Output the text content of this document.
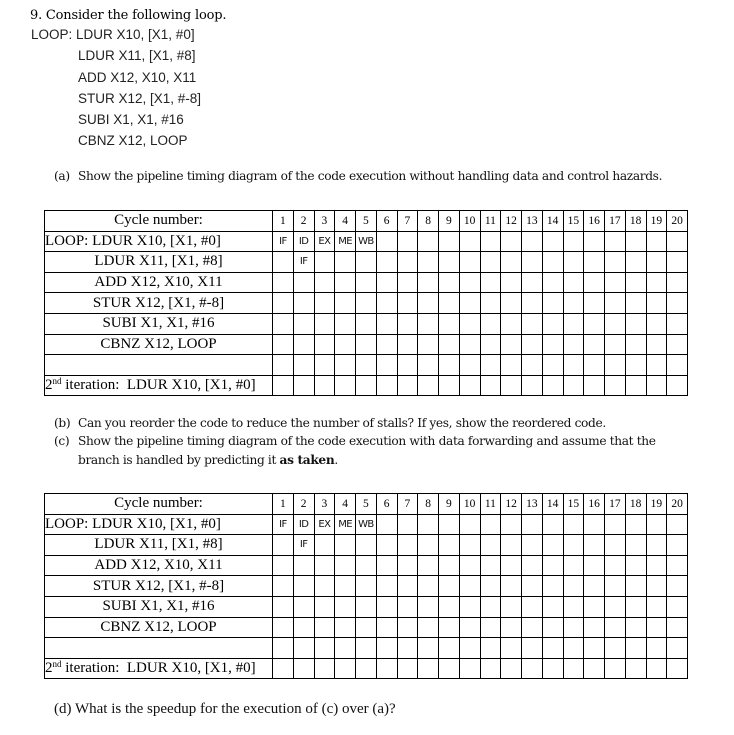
9. Consider the following loop.
LOOP: LDUR X10, [X1, #0]
LDUR X11, [X1, #8]
ADD X12, X10, X11
STUR X12, [X1, #-8]
SUBI X1, X1, #16
CBNZ X12, LOOP
(a) Show the pipeline timing diagram of the code execution without handling data and control hazards.
Cycle number:	1	2	3	4	5	6	7	8	9	10	11	12	13	14	15	16	17	18	19	20
LOOP: LDUR X10, [X1, #0]	IF	ID	EX	ME	WB															
LDUR X11, [X1, #8]		IF																		
ADD X12, X10, X11																				
STUR X12, [X1, #-8]																				
SUBI X1, X1, #16																				
CBNZ X12, LOOP																				

2nd iteration:  LDUR X10, [X1, #0]																				
(b) Can you reorder the code to reduce the number of stalls? If yes, show the reordered code.
(c) Show the pipeline timing diagram of the code execution with data forwarding and assume that the
branch is handled by predicting it as taken.
Cycle number:	1	2	3	4	5	6	7	8	9	10	11	12	13	14	15	16	17	18	19	20
LOOP: LDUR X10, [X1, #0]	IF	ID	EX	ME	WB															
LDUR X11, [X1, #8]		IF																		
ADD X12, X10, X11																				
STUR X12, [X1, #-8]																				
SUBI X1, X1, #16																				
CBNZ X12, LOOP																				

2nd iteration:  LDUR X10, [X1, #0]																				
(d) What is the speedup for the execution of (c) over (a)?
